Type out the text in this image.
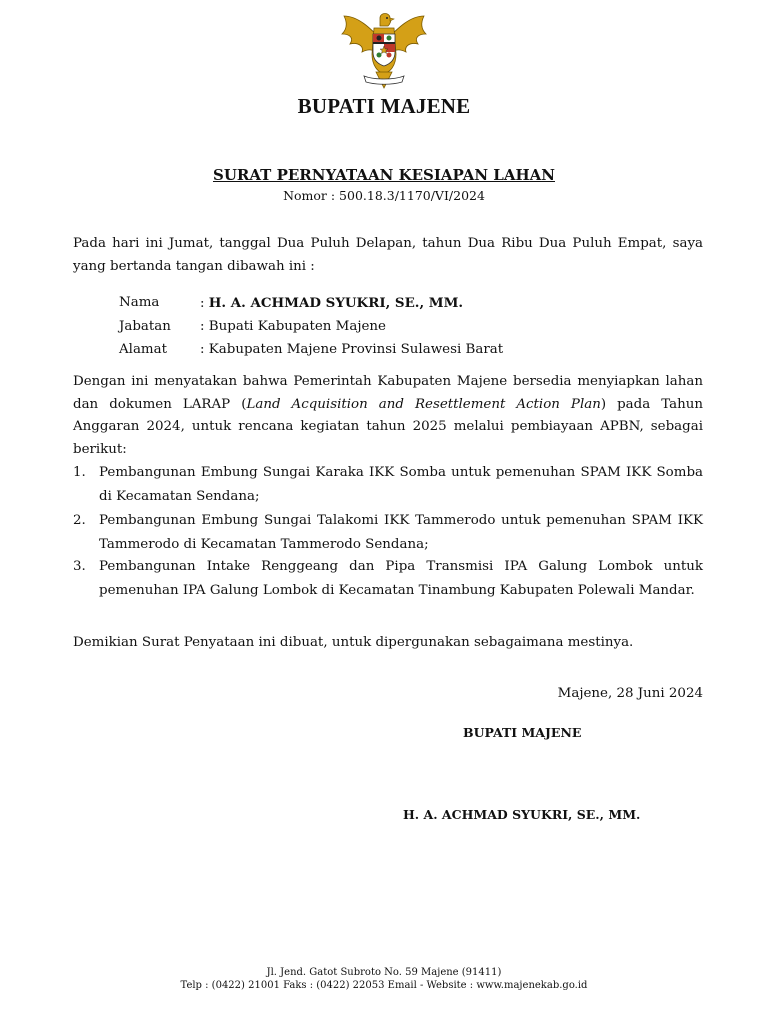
BUPATI MAJENE
SURAT PERNYATAAN KESIAPAN LAHAN
Nomor : 500.18.3/1170/VI/2024
Pada hari ini Jumat, tanggal Dua Puluh Delapan, tahun Dua Ribu Dua Puluh Empat, saya yang bertanda tangan dibawah ini :
Nama	: H. A. ACHMAD SYUKRI, SE., MM.
Jabatan : Bupati Kabupaten Majene
Alamat : Kabupaten Majene Provinsi Sulawesi Barat
Dengan ini menyatakan bahwa Pemerintah Kabupaten Majene bersedia menyiapkan lahan dan dokumen LARAP (Land Acquisition and Resettlement Action Plan) pada Tahun Anggaran 2024, untuk rencana kegiatan tahun 2025 melalui pembiayaan APBN, sebagai berikut:
1. Pembangunan Embung Sungai Karaka IKK Somba untuk pemenuhan SPAM IKK Somba di Kecamatan Sendana;
2. Pembangunan Embung Sungai Talakomi IKK Tammerodo untuk pemenuhan SPAM IKK Tammerodo di Kecamatan Tammerodo Sendana;
3. Pembangunan Intake Renggeang dan Pipa Transmisi IPA Galung Lombok untuk pemenuhan IPA Galung Lombok di Kecamatan Tinambung Kabupaten Polewali Mandar.
Demikian Surat Penyataan ini dibuat, untuk dipergunakan sebagaimana mestinya.
Majene, 28 Juni 2024
BUPATI MAJENE
H. A. ACHMAD SYUKRI, SE., MM.
Jl. Jend. Gatot Subroto No. 59 Majene (91411)
Telp : (0422) 21001 Faks : (0422) 22053 Email - Website : www.majenekab.go.id
